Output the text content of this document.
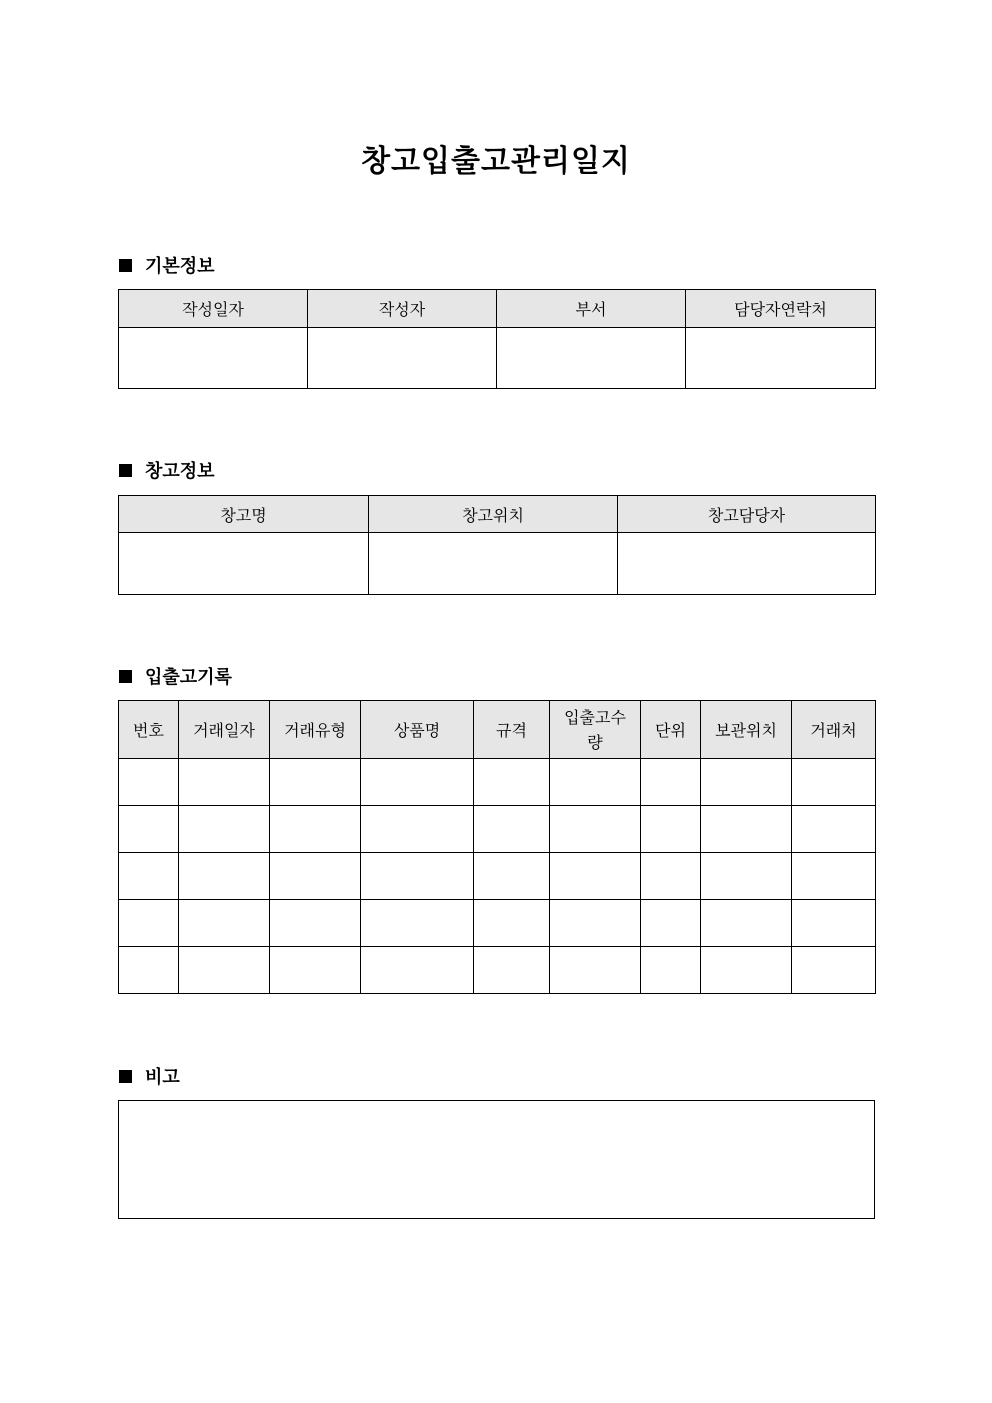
창고입출고관리일지
기본정보
작성일자	작성자	부서	담당자연락처

창고정보
창고명	창고위치	창고담당자

입출고기록
번호	거래일자	거래유형	상품명	규격	입출고수량	단위	보관위치	거래처

비고
